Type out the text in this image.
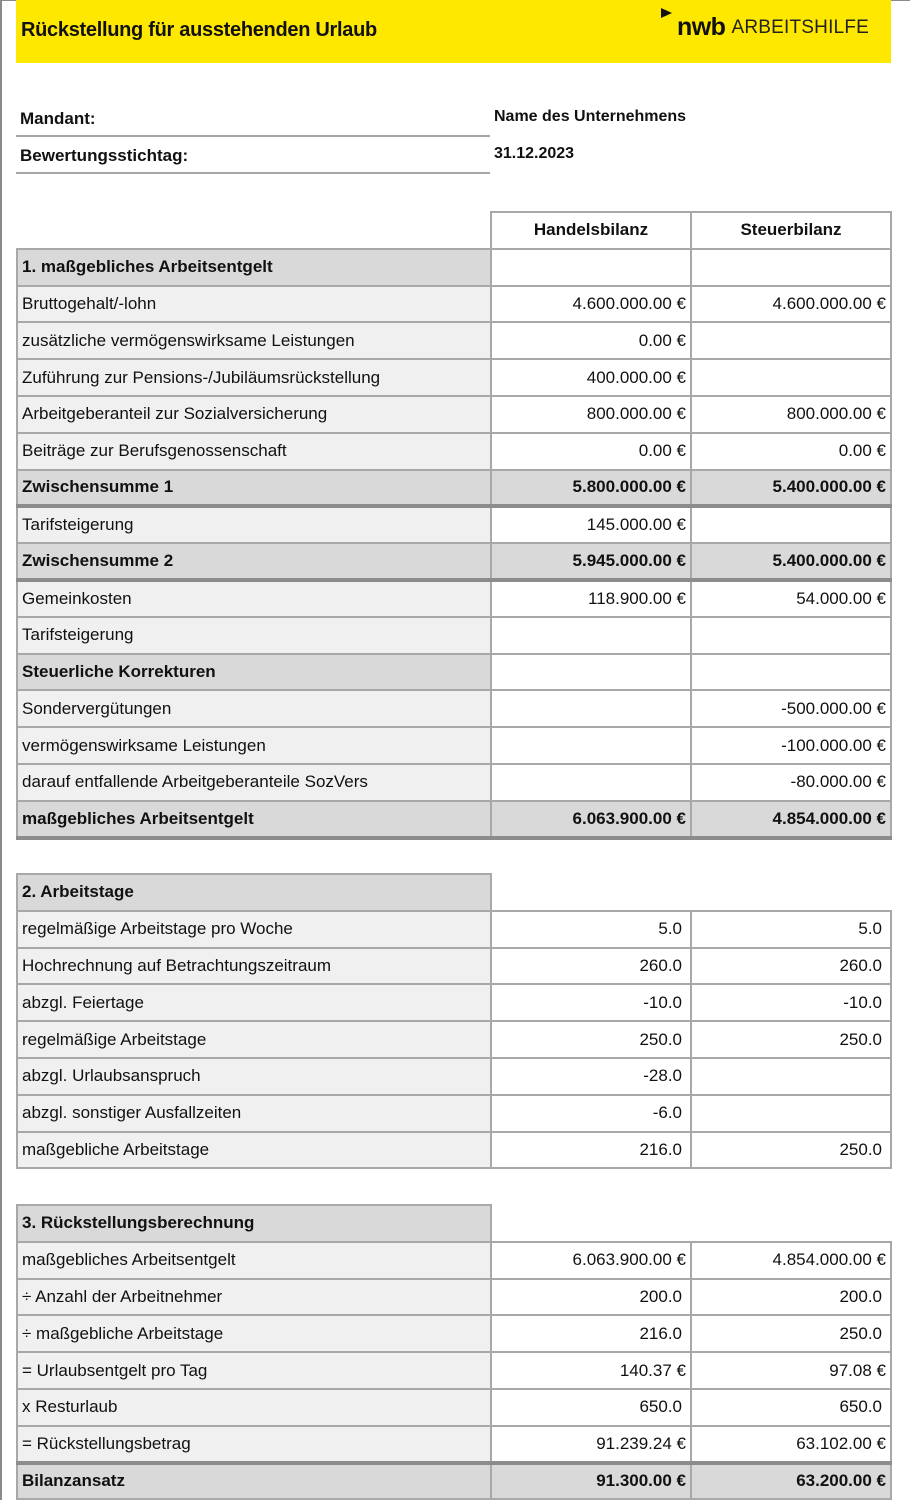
Rückstellung für ausstehenden Urlaub	nwb ARBEITSHILFE
Mandant:	Name des Unternehmens
Bewertungsstichtag:	31.12.2023
	Handelsbilanz	Steuerbilanz
1. maßgebliches Arbeitsentgelt		
Bruttogehalt/-lohn	4.600.000.00 €	4.600.000.00 €
zusätzliche vermögenswirksame Leistungen	0.00 €	
Zuführung zur Pensions-/Jubiläumsrückstellung	400.000.00 €	
Arbeitgeberanteil zur Sozialversicherung	800.000.00 €	800.000.00 €
Beiträge zur Berufsgenossenschaft	0.00 €	0.00 €
Zwischensumme 1	5.800.000.00 €	5.400.000.00 €
Tarifsteigerung	145.000.00 €	
Zwischensumme 2	5.945.000.00 €	5.400.000.00 €
Gemeinkosten	118.900.00 €	54.000.00 €
Tarifsteigerung		
Steuerliche Korrekturen		
Sondervergütungen		-500.000.00 €
vermögenswirksame Leistungen		-100.000.00 €
darauf entfallende Arbeitgeberanteile SozVers		-80.000.00 €
maßgebliches Arbeitsentgelt	6.063.900.00 €	4.854.000.00 €
2. Arbeitstage		
regelmäßige Arbeitstage pro Woche	5.0	5.0
Hochrechnung auf Betrachtungszeitraum	260.0	260.0
abzgl. Feiertage	-10.0	-10.0
regelmäßige Arbeitstage	250.0	250.0
abzgl. Urlaubsanspruch	-28.0	
abzgl. sonstiger Ausfallzeiten	-6.0	
maßgebliche Arbeitstage	216.0	250.0
3. Rückstellungsberechnung		
maßgebliches Arbeitsentgelt	6.063.900.00 €	4.854.000.00 €
÷ Anzahl der Arbeitnehmer	200.0	200.0
÷ maßgebliche Arbeitstage	216.0	250.0
= Urlaubsentgelt pro Tag	140.37 €	97.08 €
x Resturlaub	650.0	650.0
= Rückstellungsbetrag	91.239.24 €	63.102.00 €
Bilanzansatz	91.300.00 €	63.200.00 €
